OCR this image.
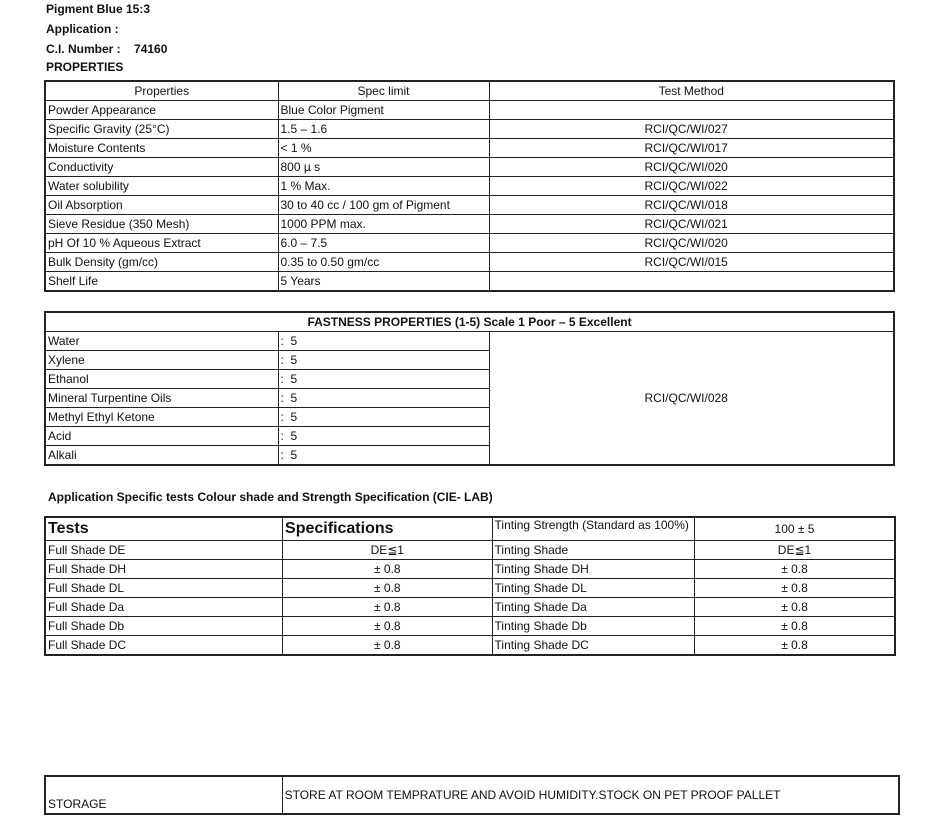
Pigment Blue 15:3
Application :
C.I. Number : 74160
PROPERTIES
Properties	Spec limit	Test Method
Powder Appearance	Blue Color Pigment	
Specific Gravity (25°C)	1.5 – 1.6	RCI/QC/WI/027
Moisture Contents	< 1 %	RCI/QC/WI/017
Conductivity	800 µ s	RCI/QC/WI/020
Water solubility	1 % Max.	RCI/QC/WI/022
Oil Absorption	30 to 40 cc / 100 gm of Pigment	RCI/QC/WI/018
Sieve Residue (350 Mesh)	1000 PPM max.	RCI/QC/WI/021
pH Of 10 % Aqueous Extract	6.0 – 7.5	RCI/QC/WI/020
Bulk Density (gm/cc)	0.35 to 0.50 gm/cc	RCI/QC/WI/015
Shelf Life	5 Years	
FASTNESS PROPERTIES (1-5) Scale 1 Poor – 5 Excellent		
Water	:  5	RCI/QC/WI/028
Xylene	:  5	
Ethanol	:  5	
Mineral Turpentine Oils	:  5	
Methyl Ethyl Ketone	:  5	
Acid	:  5	
Alkali	:  5	
Application Specific tests Colour shade and Strength Specification (CIE- LAB)
Tests	Specifications	Tinting Strength (Standard as 100%)	100 ± 5
Full Shade DE	DE≦1	Tinting Shade	DE≦1
Full Shade DH	± 0.8	Tinting Shade DH	± 0.8
Full Shade DL	± 0.8	Tinting Shade DL	± 0.8
Full Shade Da	± 0.8	Tinting Shade Da	± 0.8
Full Shade Db	± 0.8	Tinting Shade Db	± 0.8
Full Shade DC	± 0.8	Tinting Shade DC	± 0.8
STORAGE	STORE AT ROOM TEMPRATURE AND AVOID HUMIDITY.STOCK ON PET PROOF PALLET
